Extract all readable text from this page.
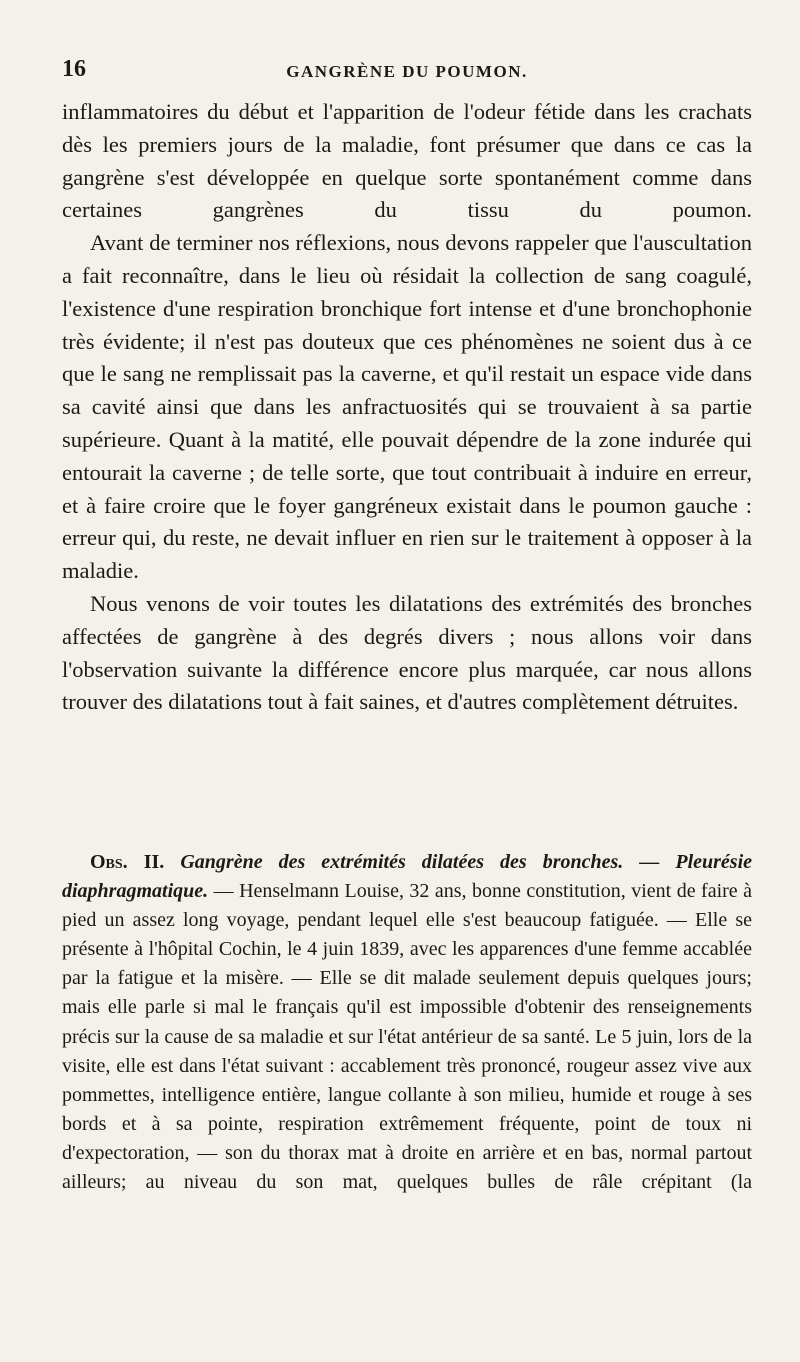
16	GANGRÈNE DU POUMON.

inflammatoires du début et l'apparition de l'odeur fétide dans les crachats dès les premiers jours de la maladie, font présumer que dans ce cas la gangrène s'est développée en quelque sorte spontanément comme dans certaines gangrènes du tissu du poumon.

Avant de terminer nos réflexions, nous devons rappeler que l'auscultation a fait reconnaître, dans le lieu où résidait la collection de sang coagulé, l'existence d'une respiration bronchique fort intense et d'une bronchophonie très évidente; il n'est pas douteux que ces phénomènes ne soient dus à ce que le sang ne remplissait pas la caverne, et qu'il restait un espace vide dans sa cavité ainsi que dans les anfractuosités qui se trouvaient à sa partie supérieure. Quant à la matité, elle pouvait dépendre de la zone indurée qui entourait la caverne ; de telle sorte, que tout contribuait à induire en erreur, et à faire croire que le foyer gangréneux existait dans le poumon gauche : erreur qui, du reste, ne devait influer en rien sur le traitement à opposer à la maladie.

Nous venons de voir toutes les dilatations des extrémités des bronches affectées de gangrène à des degrés divers ; nous allons voir dans l'observation suivante la différence encore plus marquée, car nous allons trouver des dilatations tout à fait saines, et d'autres complètement détruites.

Obs. II. Gangrène des extrémités dilatées des bronches. — Pleurésie diaphragmatique. — Henselmann Louise, 32 ans, bonne constitution, vient de faire à pied un assez long voyage, pendant lequel elle s'est beaucoup fatiguée. — Elle se présente à l'hôpital Cochin, le 4 juin 1839, avec les apparences d'une femme accablée par la fatigue et la misère. — Elle se dit malade seulement depuis quelques jours; mais elle parle si mal le français qu'il est impossible d'obtenir des renseignements précis sur la cause de sa maladie et sur l'état antérieur de sa santé. Le 5 juin, lors de la visite, elle est dans l'état suivant : accablement très prononcé, rougeur assez vive aux pommettes, intelligence entière, langue collante à son milieu, humide et rouge à ses bords et à sa pointe, respiration extrêmement fréquente, point de toux ni d'expectoration, — son du thorax mat à droite en arrière et en bas, normal partout ailleurs; au niveau du son mat, quelques bulles de râle crépitant (la
